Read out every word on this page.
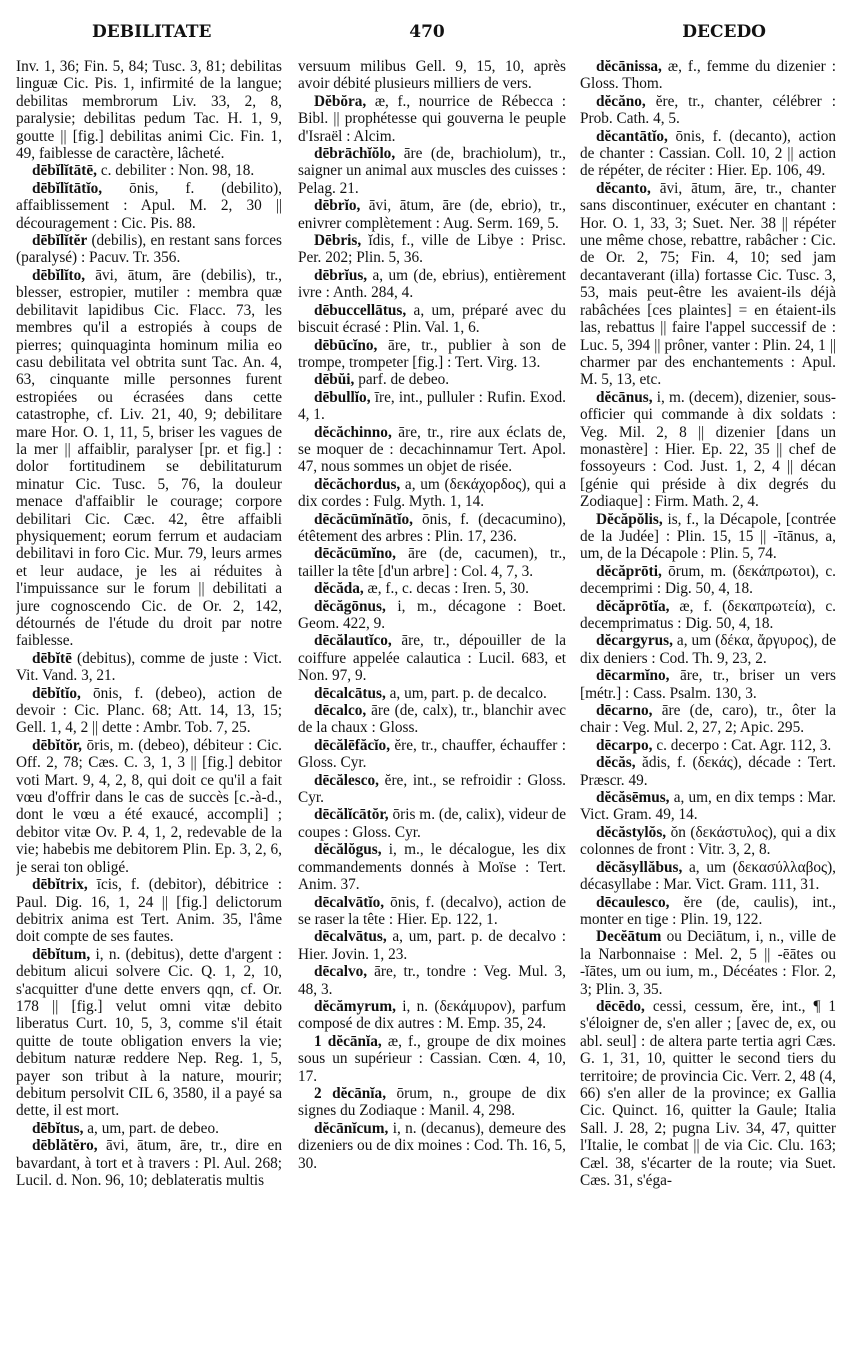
DEBILITATE	470	DECEDO

Inv. 1, 36; Fin. 5, 84; Tusc. 3, 81; debilitas linguæ Cic. Pis. 1, infirmité de la langue; debilitas membrorum Liv. 33, 2, 8, paralysie; debilitas pedum Tac. H. 1, 9, goutte || [fig.] debilitas animi Cic. Fin. 1, 49, faiblesse de caractère, lâcheté.

dēbĭlĭtātē, c. debiliter : Non. 98, 18.

dēbĭlĭtātĭo, ōnis, f. (debilito), affaiblissement : Apul. M. 2, 30 || découragement : Cic. Pis. 88.

dēbĭlĭtĕr (debilis), en restant sans forces (paralysé) : Pacuv. Tr. 356.

dēbĭlĭto, āvi, ātum, āre (debilis), tr., blesser, estropier, mutiler : membra quæ debilitavit lapidibus Cic. Flacc. 73, les membres qu'il a estropiés à coups de pierres; quinquaginta hominum milia eo casu debilitata vel obtrita sunt Tac. An. 4, 63, cinquante mille personnes furent estropiées ou écrasées dans cette catastrophe, cf. Liv. 21, 40, 9; debilitare mare Hor. O. 1, 11, 5, briser les vagues de la mer || affaiblir, paralyser [pr. et fig.] : dolor fortitudinem se debilitaturum minatur Cic. Tusc. 5, 76, la douleur menace d'affaiblir le courage; corpore debilitari Cic. Cæc. 42, être affaibli physiquement; eorum ferrum et audaciam debilitavi in foro Cic. Mur. 79, leurs armes et leur audace, je les ai réduites à l'impuissance sur le forum || debilitati a jure cognoscendo Cic. de Or. 2, 142, détournés de l'étude du droit par notre faiblesse.

dēbĭtē (debitus), comme de juste : Vict. Vit. Vand. 3, 21.

dēbĭtĭo, ōnis, f. (debeo), action de devoir : Cic. Planc. 68; Att. 14, 13, 15; Gell. 1, 4, 2 || dette : Ambr. Tob. 7, 25.

dēbĭtŏr, ōris, m. (debeo), débiteur : Cic. Off. 2, 78; Cæs. C. 3, 1, 3 || [fig.] debitor voti Mart. 9, 4, 2, 8, qui doit ce qu'il a fait vœu d'offrir dans le cas de succès [c.-à-d., dont le vœu a été exaucé, accompli] ; debitor vitæ Ov. P. 4, 1, 2, redevable de la vie; habebis me debitorem Plin. Ep. 3, 2, 6, je serai ton obligé.

dēbĭtrix, īcis, f. (debitor), débitrice : Paul. Dig. 16, 1, 24 || [fig.] delictorum debitrix anima est Tert. Anim. 35, l'âme doit compte de ses fautes.

dēbĭtum, i, n. (debitus), dette d'argent : debitum alicui solvere Cic. Q. 1, 2, 10, s'acquitter d'une dette envers qqn, cf. Or. 178 || [fig.] velut omni vitæ debito liberatus Curt. 10, 5, 3, comme s'il était quitte de toute obligation envers la vie; debitum naturæ reddere Nep. Reg. 1, 5, payer son tribut à la nature, mourir; debitum persolvit CIL 6, 3580, il a payé sa dette, il est mort.

dēbĭtus, a, um, part. de debeo.

dēblătĕro, āvi, ātum, āre, tr., dire en bavardant, à tort et à travers : Pl. Aul. 268; Lucil. d. Non. 96, 10; deblateratis multis

versuum milibus Gell. 9, 15, 10, après avoir débité plusieurs milliers de vers.

Dĕbŏra, æ, f., nourrice de Rébecca : Bibl. || prophétesse qui gouverna le peuple d'Israël : Alcim.

dēbrāchĭŏlo, āre (de, brachiolum), tr., saigner un animal aux muscles des cuisses : Pelag. 21.

dēbrĭo, āvi, ātum, āre (de, ebrio), tr., enivrer complètement : Aug. Serm. 169, 5.

Dēbris, ĭdis, f., ville de Libye : Prisc. Per. 202; Plin. 5, 36.

dēbrĭus, a, um (de, ebrius), entièrement ivre : Anth. 284, 4.

dēbuccellātus, a, um, préparé avec du biscuit écrasé : Plin. Val. 1, 6.

dēbūcĭno, āre, tr., publier à son de trompe, trompeter [fig.] : Tert. Virg. 13.

dēbŭi, parf. de debeo.

dēbullĭo, īre, int., pulluler : Rufin. Exod. 4, 1.

dĕcăchinno, āre, tr., rire aux éclats de, se moquer de : decachinnamur Tert. Apol. 47, nous sommes un objet de risée.

dĕcăchordus, a, um (δεκάχορδος), qui a dix cordes : Fulg. Myth. 1, 14.

dēcăcūmĭnātĭo, ōnis, f. (decacumino), étêtement des arbres : Plin. 17, 236.

dēcăcūmĭno, āre (de, cacumen), tr., tailler la tête [d'un arbre] : Col. 4, 7, 3.

dĕcăda, æ, f., c. decas : Iren. 5, 30.

dĕcăgōnus, i, m., décagone : Boet. Geom. 422, 9.

dēcălautĭco, āre, tr., dépouiller de la coiffure appelée calautica : Lucil. 683, et Non. 97, 9.

dēcalcātus, a, um, part. p. de decalco.

dēcalco, āre (de, calx), tr., blanchir avec de la chaux : Gloss.

dēcălēfăcĭo, ĕre, tr., chauffer, échauffer : Gloss. Cyr.

dēcălesco, ĕre, int., se refroidir : Gloss. Cyr.

dēcălĭcātŏr, ōris m. (de, calix), videur de coupes : Gloss. Cyr.

dĕcălŏgus, i, m., le décalogue, les dix commandements donnés à Moïse : Tert. Anim. 37.

dēcalvātĭo, ōnis, f. (decalvo), action de se raser la tête : Hier. Ep. 122, 1.

dēcalvātus, a, um, part. p. de decalvo : Hier. Jovin. 1, 23.

dēcalvo, āre, tr., tondre : Veg. Mul. 3, 48, 3.

dĕcămyrum, i, n. (δεκάμυρον), parfum composé de dix autres : M. Emp. 35, 24.

1 dĕcānĭa, æ, f., groupe de dix moines sous un supérieur : Cassian. Cœn. 4, 10, 17.

2 dĕcānĭa, ōrum, n., groupe de dix signes du Zodiaque : Manil. 4, 298.

dĕcānĭcum, i, n. (decanus), demeure des dizeniers ou de dix moines : Cod. Th. 16, 5, 30.

dĕcānissa, æ, f., femme du dizenier : Gloss. Thom.

dĕcăno, ĕre, tr., chanter, célébrer : Prob. Cath. 4, 5.

dĕcantātĭo, ōnis, f. (decanto), action de chanter : Cassian. Coll. 10, 2 || action de répéter, de réciter : Hier. Ep. 106, 49.

dĕcanto, āvi, ātum, āre, tr., chanter sans discontinuer, exécuter en chantant : Hor. O. 1, 33, 3; Suet. Ner. 38 || répéter une même chose, rebattre, rabâcher : Cic. de Or. 2, 75; Fin. 4, 10; sed jam decantaverant (illa) fortasse Cic. Tusc. 3, 53, mais peut-être les avaient-ils déjà rabâchées [ces plaintes] = en étaient-ils las, rebattus || faire l'appel successif de : Luc. 5, 394 || prôner, vanter : Plin. 24, 1 || charmer par des enchantements : Apul. M. 5, 13, etc.

dĕcānus, i, m. (decem), dizenier, sous-officier qui commande à dix soldats : Veg. Mil. 2, 8 || dizenier [dans un monastère] : Hier. Ep. 22, 35 || chef de fossoyeurs : Cod. Just. 1, 2, 4 || décan [génie qui préside à dix degrés du Zodiaque] : Firm. Math. 2, 4.

Dĕcăpŏlis, is, f., la Décapole, [contrée de la Judée] : Plin. 15, 15 || -ītānus, a, um, de la Décapole : Plin. 5, 74.

dĕcăprōti, ōrum, m. (δεκάπρωτοι), c. decemprimi : Dig. 50, 4, 18.

dĕcăprōtĭa, æ, f. (δεκαπρωτεία), c. decemprimatus : Dig. 50, 4, 18.

dĕcargyrus, a, um (δέκα, ἄργυρος), de dix deniers : Cod. Th. 9, 23, 2.

dēcarmĭno, āre, tr., briser un vers [métr.] : Cass. Psalm. 130, 3.

dēcarno, āre (de, caro), tr., ôter la chair : Veg. Mul. 2, 27, 2; Apic. 295.

dēcarpo, c. decerpo : Cat. Agr. 112, 3.

dĕcăs, ădis, f. (δεκάς), décade : Tert. Præscr. 49.

dĕcăsēmus, a, um, en dix temps : Mar. Vict. Gram. 49, 14.

dĕcăstylŏs, ŏn (δεκάστυλος), qui a dix colonnes de front : Vitr. 3, 2, 8.

dĕcăsyllăbus, a, um (δεκασύλλαβος), décasyllabe : Mar. Vict. Gram. 111, 31.

dēcaulesco, ĕre (de, caulis), int., monter en tige : Plin. 19, 122.

Decĕātum ou Deciātum, i, n., ville de la Narbonnaise : Mel. 2, 5 || -ēātes ou -ĭātes, um ou ium, m., Décéates : Flor. 2, 3; Plin. 3, 35.

dēcēdo, cessi, cessum, ĕre, int., ¶ 1 s'éloigner de, s'en aller ; [avec de, ex, ou abl. seul] : de altera parte tertia agri Cæs. G. 1, 31, 10, quitter le second tiers du territoire; de provincia Cic. Verr. 2, 48 (4, 66) s'en aller de la province; ex Gallia Cic. Quinct. 16, quitter la Gaule; Italia Sall. J. 28, 2; pugna Liv. 34, 47, quitter l'Italie, le combat || de via Cic. Clu. 163; Cæl. 38, s'écarter de la route; via Suet. Cæs. 31, s'éga-
